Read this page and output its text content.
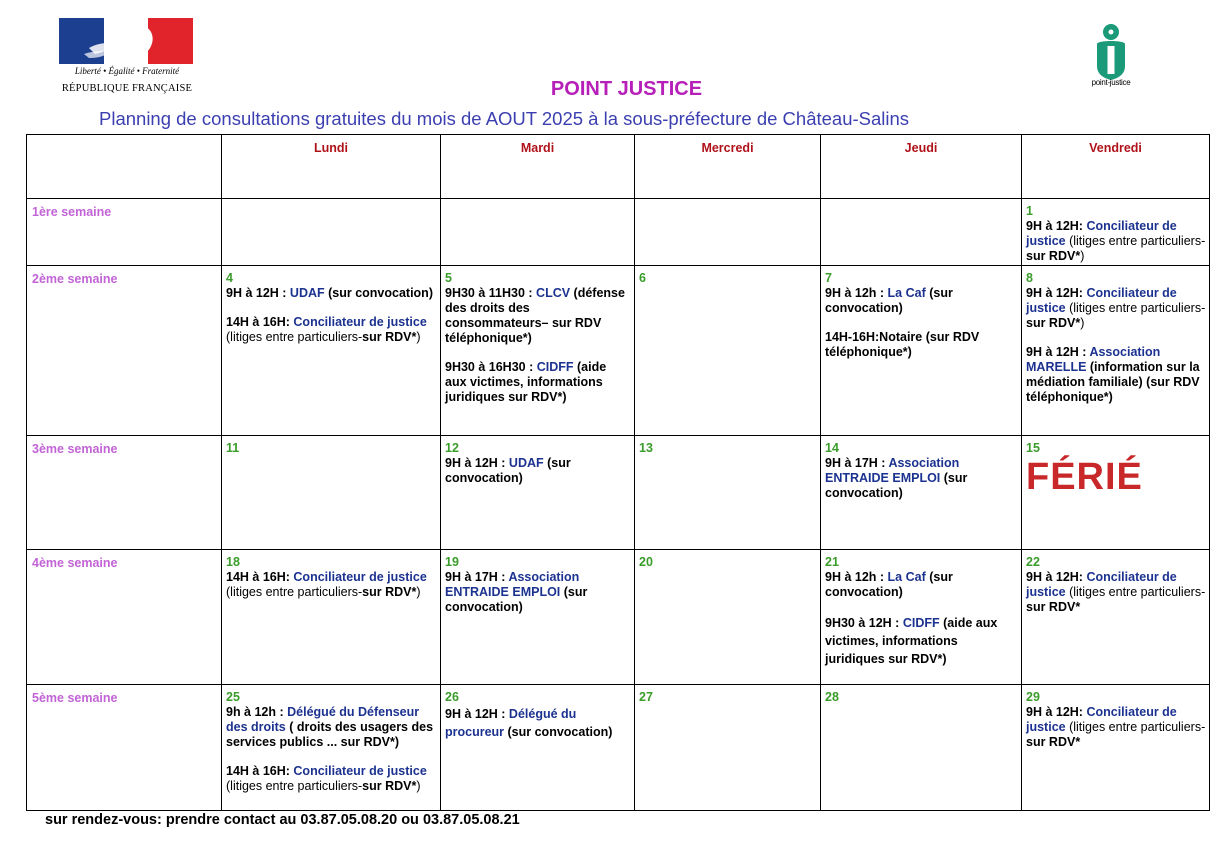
Liberté • Égalité • Fraternité
RÉPUBLIQUE FRANÇAISE
point-justice
POINT JUSTICE
Planning de consultations gratuites du mois de AOUT 2025 à la sous-préfecture de Château-Salins
	Lundi	Mardi	Mercredi	Jeudi	Vendredi
1ère semaine					1
9H à 12H: Conciliateur de justice (litiges entre particuliers-sur RDV*)
2ème semaine	4
9H à 12H : UDAF (sur convocation)
14H à 16H: Conciliateur de justice
(litiges entre particuliers-sur RDV*)	5
9H30 à 11H30 : CLCV (défense des droits des consommateurs– sur RDV téléphonique*)
9H30 à 16H30 : CIDFF (aide aux victimes, informations juridiques sur RDV*)	6	7
9H à 12h : La Caf (sur convocation)
14H-16H:Notaire (sur RDV téléphonique*)	8
9H à 12H: Conciliateur de justice (litiges entre particuliers-sur RDV*)
9H à 12H : Association MARELLE (information sur la médiation familiale) (sur RDV téléphonique*)
3ème semaine	11	12
9H à 12H : UDAF (sur convocation)	13	14
9H à 17H : Association ENTRAIDE EMPLOI (sur convocation)	15
FÉRIÉ

4ème semaine	18
14H à 16H: Conciliateur de justice
(litiges entre particuliers-sur RDV*)	19
9H à 17H : Association ENTRAIDE EMPLOI (sur convocation)	20	21
9H à 12h : La Caf (sur convocation)
9H30 à 12H : CIDFF (aide aux victimes, informations juridiques sur RDV*)	22
9H à 12H: Conciliateur de justice (litiges entre particuliers-sur RDV*
5ème semaine	25
9h à 12h : Délégué du Défenseur des droits ( droits des usagers des services publics ... sur RDV*)
14H à 16H: Conciliateur de justice
(litiges entre particuliers-sur RDV*)	26
9H à 12H : Délégué du procureur (sur convocation)	27	28	29
9H à 12H: Conciliateur de justice (litiges entre particuliers-sur RDV*
sur rendez-vous: prendre contact au 03.87.05.08.20 ou 03.87.05.08.21
